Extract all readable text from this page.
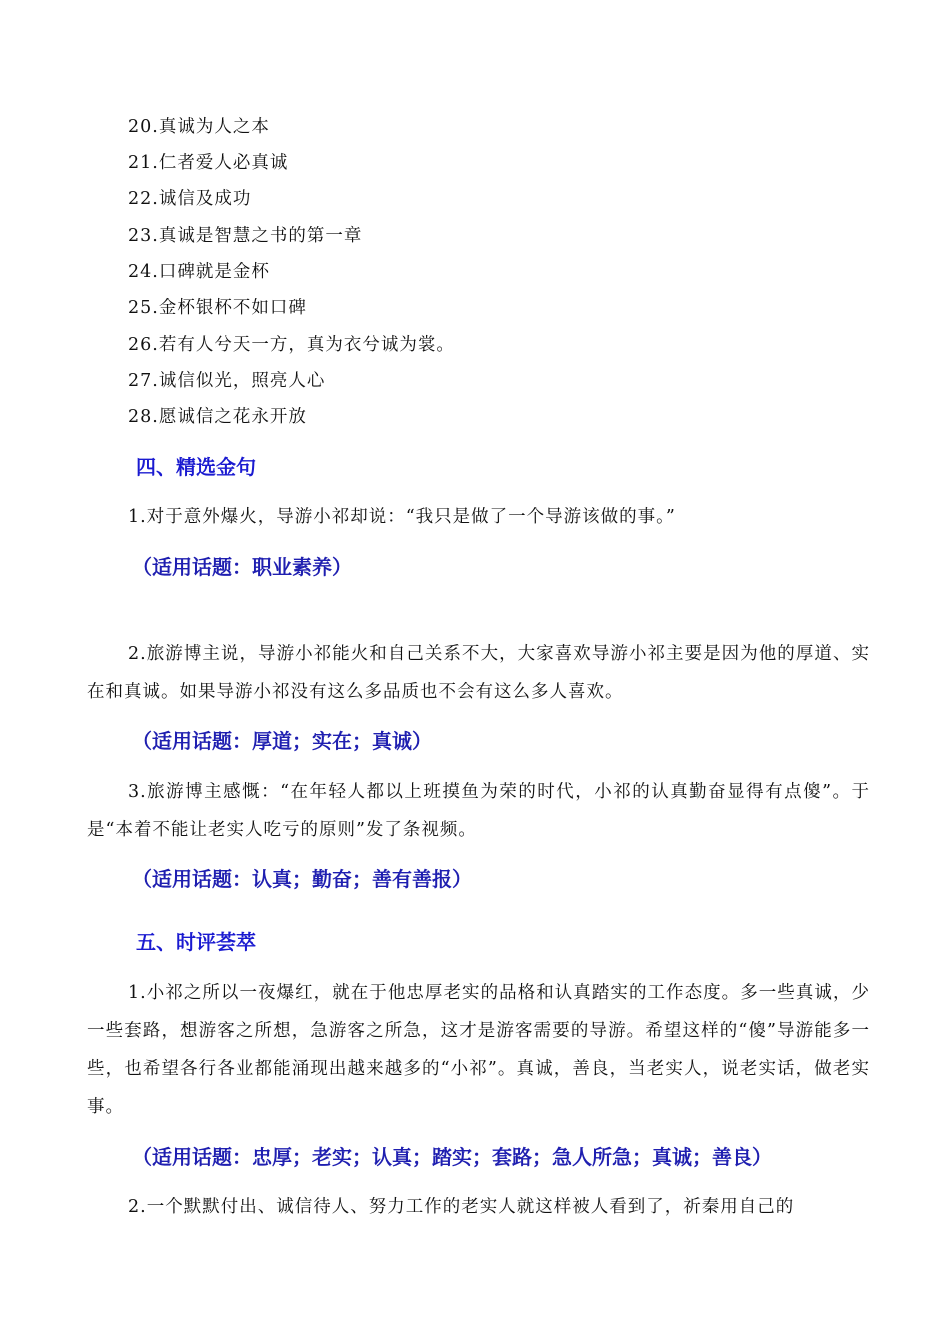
20.真诚为人之本
21.仁者爱人必真诚
22.诚信及成功
23.真诚是智慧之书的第一章
24.口碑就是金杯
25.金杯银杯不如口碑
26.若有人兮天一方，真为衣兮诚为裳。
27.诚信似光，照亮人心
28.愿诚信之花永开放
四、精选金句
1.对于意外爆火，导游小祁却说：“我只是做了一个导游该做的事。”
（适用话题：职业素养）
2.旅游博主说，导游小祁能火和自己关系不大，大家喜欢导游小祁主要是因为他的厚道、实在和真诚。如果导游小祁没有这么多品质也不会有这么多人喜欢。
（适用话题：厚道；实在；真诚）
3.旅游博主感慨：“在年轻人都以上班摸鱼为荣的时代，小祁的认真勤奋显得有点傻”。于是“本着不能让老实人吃亏的原则”发了条视频。
（适用话题：认真；勤奋；善有善报）
五、时评荟萃
1.小祁之所以一夜爆红，就在于他忠厚老实的品格和认真踏实的工作态度。多一些真诚，少一些套路，想游客之所想，急游客之所急，这才是游客需要的导游。希望这样的“傻”导游能多一些，也希望各行各业都能涌现出越来越多的“小祁”。真诚，善良，当老实人，说老实话，做老实事。
（适用话题：忠厚；老实；认真；踏实；套路；急人所急；真诚；善良）
2.一个默默付出、诚信待人、努力工作的老实人就这样被人看到了，祈秦用自己的
